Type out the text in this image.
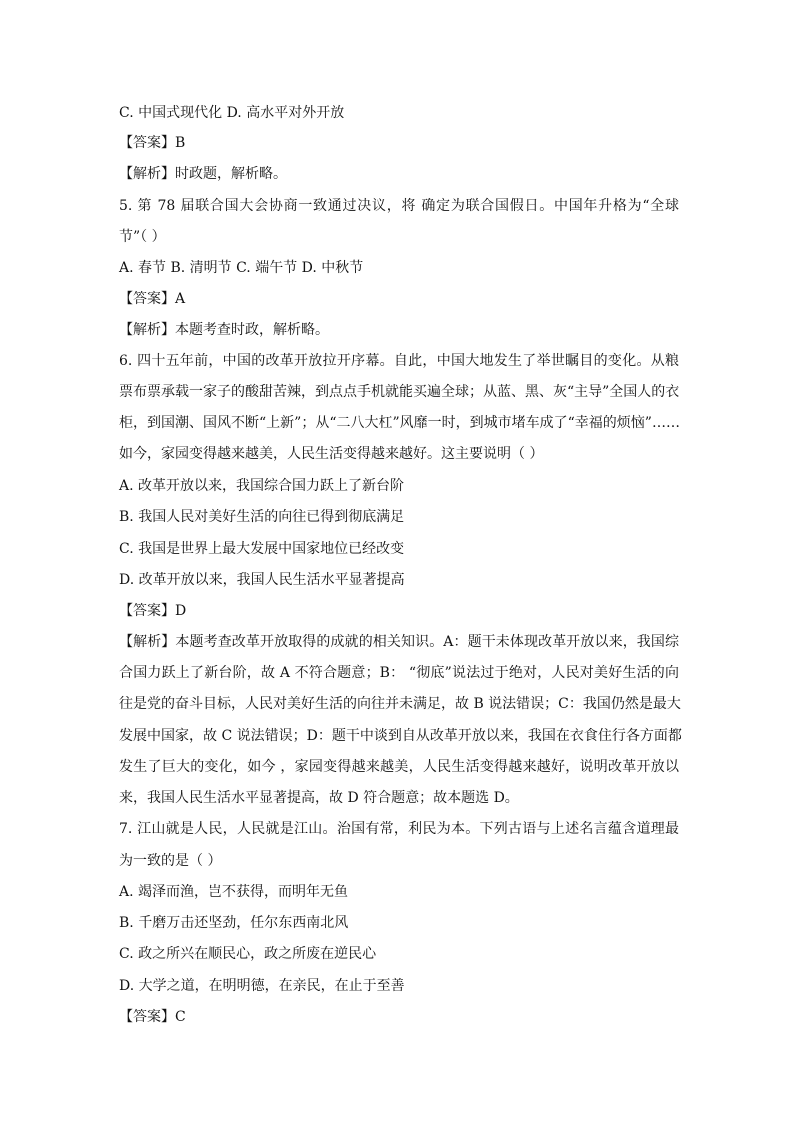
C. 中国式现代化 D. 高水平对外开放
【答案】B
【解析】时政题，解析略。
5. 第 78 届联合国大会协商一致通过决议，将 确定为联合国假日。中国年升格为“全球
节”（ ）
A. 春节 B. 清明节 C. 端午节 D. 中秋节
【答案】A
【解析】本题考查时政，解析略。
6. 四十五年前，中国的改革开放拉开序幕。自此，中国大地发生了举世瞩目的变化。从粮
票布票承载一家子的酸甜苦辣，到点点手机就能买遍全球；从蓝、黑、灰“主导”全国人的衣
柜，到国潮、国风不断“上新”；从“二八大杠”风靡一时，到城市堵车成了“幸福的烦恼”……
如今，家园变得越来越美，人民生活变得越来越好。这主要说明（ ）
A. 改革开放以来，我国综合国力跃上了新台阶
B. 我国人民对美好生活的向往已得到彻底满足
C. 我国是世界上最大发展中国家地位已经改变
D. 改革开放以来，我国人民生活水平显著提高
【答案】D
【解析】本题考查改革开放取得的成就的相关知识。A：题干未体现改革开放以来，我国综
合国力跃上了新台阶，故 A 不符合题意；B： “彻底”说法过于绝对，人民对美好生活的向
往是党的奋斗目标，人民对美好生活的向往并未满足，故 B 说法错误；C：我国仍然是最大
发展中国家，故 C 说法错误；D：题干中谈到自从改革开放以来，我国在衣食住行各方面都
发生了巨大的变化，如今 ，家园变得越来越美，人民生活变得越来越好，说明改革开放以
来，我国人民生活水平显著提高，故 D 符合题意；故本题选 D。
7. 江山就是人民，人民就是江山。治国有常，利民为本。下列古语与上述名言蕴含道理最
为一致的是（ ）
A. 竭泽而渔，岂不获得，而明年无鱼
B. 千磨万击还坚劲，任尔东西南北风
C. 政之所兴在顺民心，政之所废在逆民心
D. 大学之道，在明明德，在亲民，在止于至善
【答案】C
